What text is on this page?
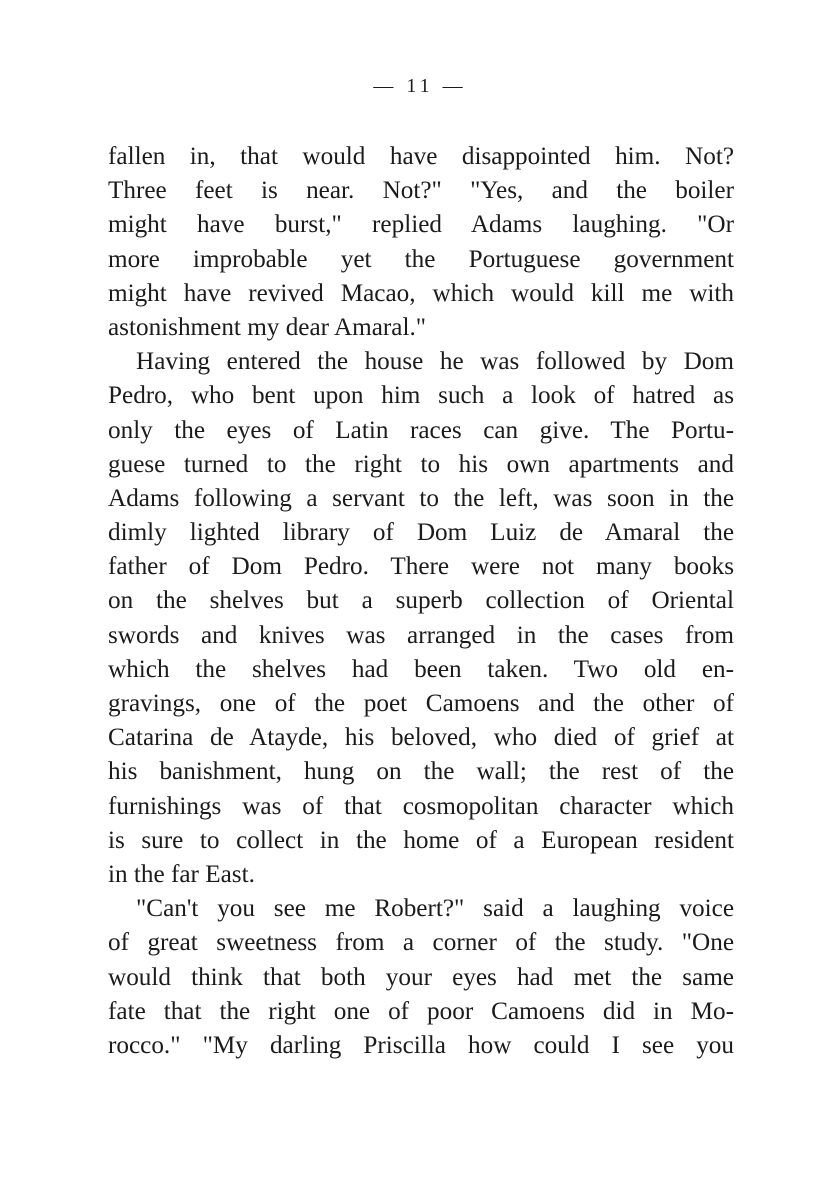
— 11 —
fallen in, that would have disappointed him. Not?
Three feet is near. Not?" "Yes, and the boiler
might have burst," replied Adams laughing. "Or
more improbable yet the Portuguese government
might have revived Macao, which would kill me with
astonishment my dear Amaral."
Having entered the house he was followed by Dom
Pedro, who bent upon him such a look of hatred as
only the eyes of Latin races can give. The Portu-
guese turned to the right to his own apartments and
Adams following a servant to the left, was soon in the
dimly lighted library of Dom Luiz de Amaral the
father of Dom Pedro. There were not many books
on the shelves but a superb collection of Oriental
swords and knives was arranged in the cases from
which the shelves had been taken. Two old en-
gravings, one of the poet Camoens and the other of
Catarina de Atayde, his beloved, who died of grief at
his banishment, hung on the wall; the rest of the
furnishings was of that cosmopolitan character which
is sure to collect in the home of a European resident
in the far East.
"Can't you see me Robert?" said a laughing voice
of great sweetness from a corner of the study. "One
would think that both your eyes had met the same
fate that the right one of poor Camoens did in Mo-
rocco." "My darling Priscilla how could I see you
